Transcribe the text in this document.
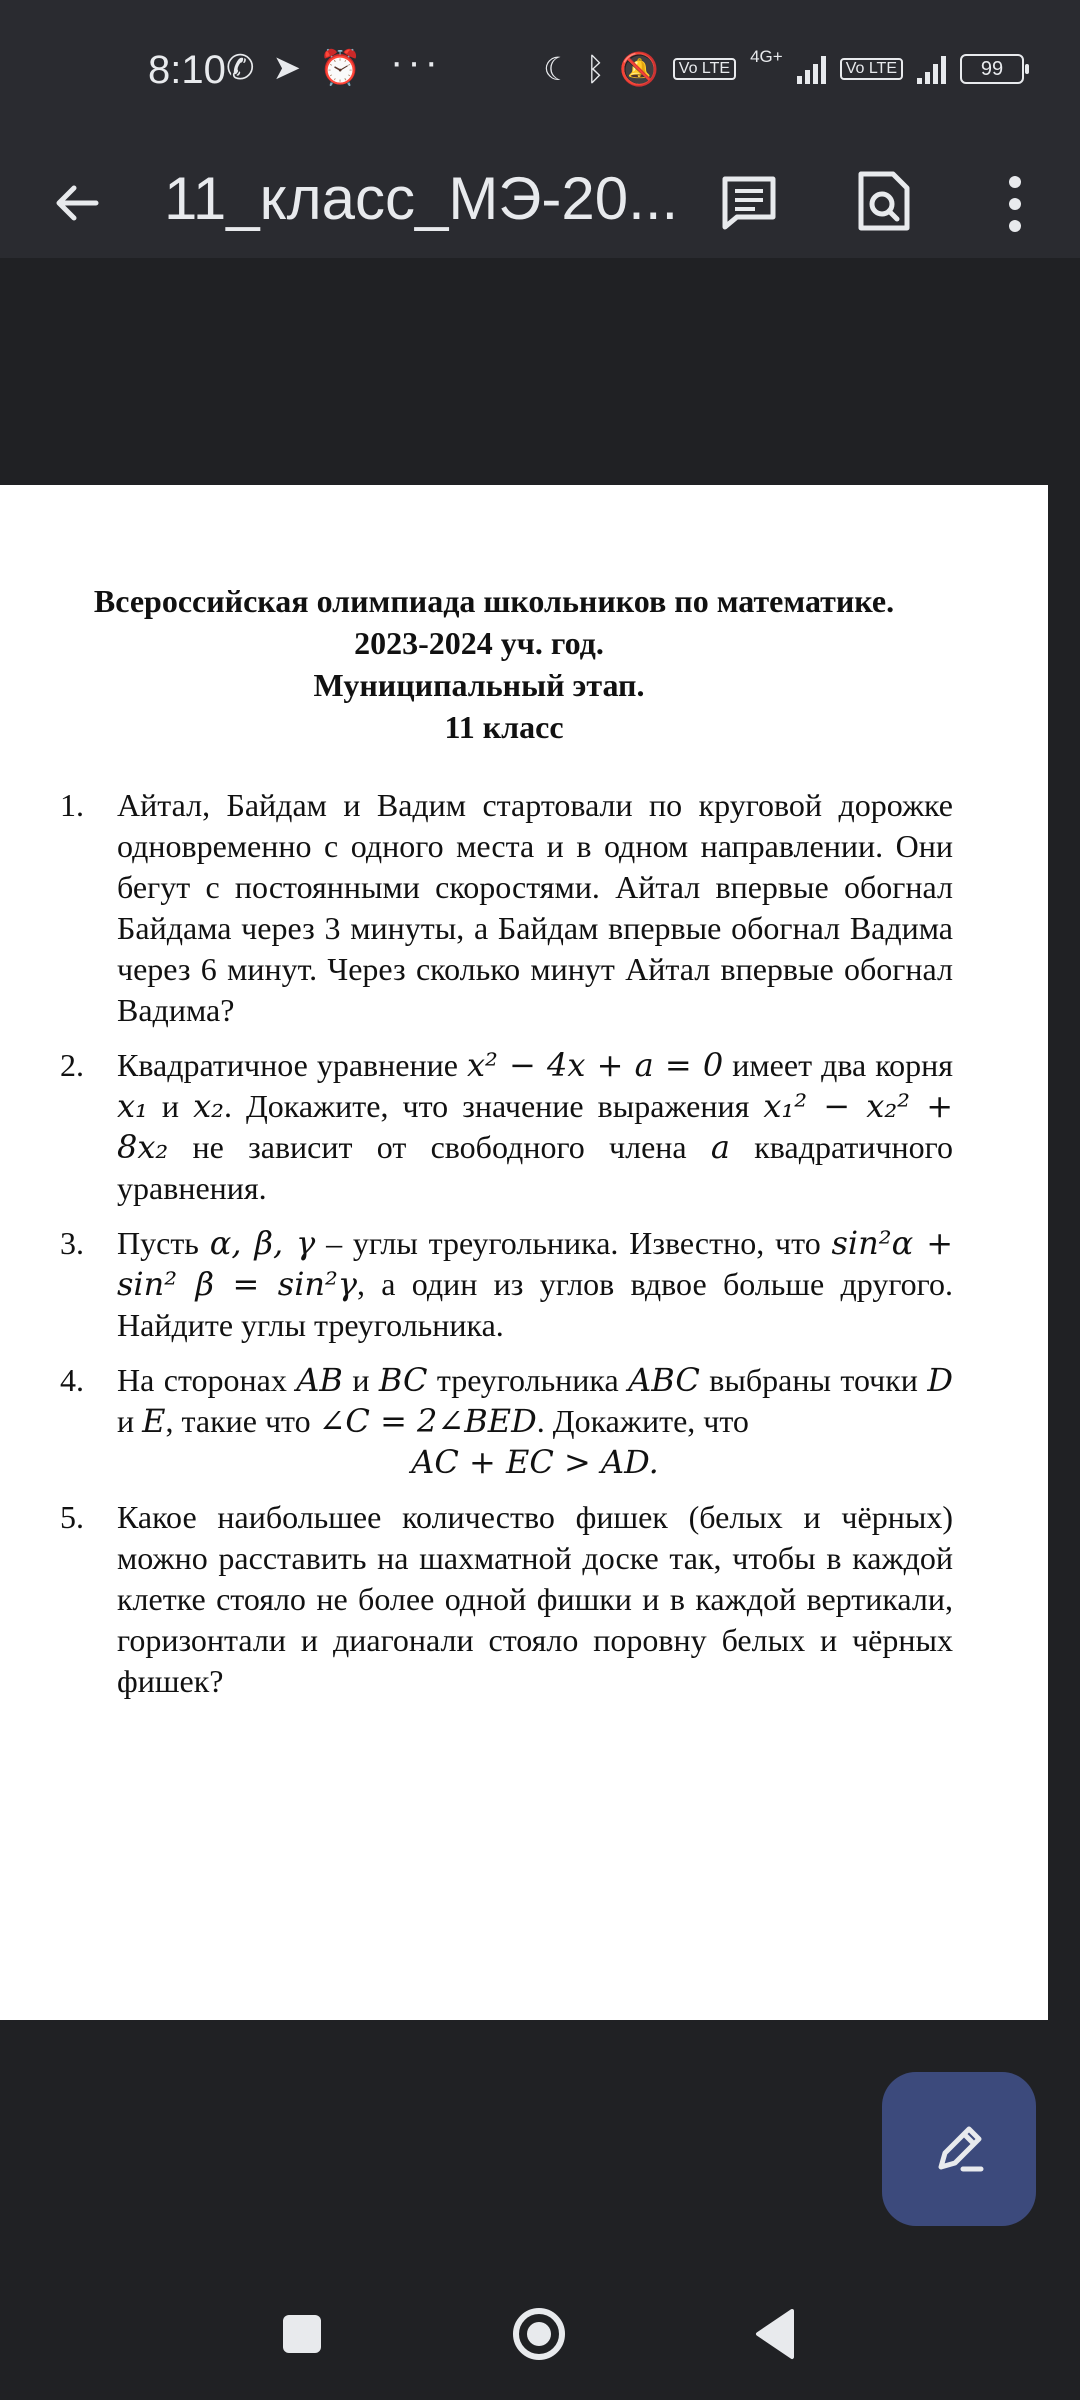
8:10 ✆ ➤ ⏰ ···	☾ ᛒ 🔕	Vo LTE
4G+
Vo LTE	99
11_класс_МЭ-20...
Всероссийская олимпиада школьников по математике.
2023-2024 уч. год.
Муниципальный этап.
11 класс
1.	Айтал, Байдам и Вадим стартовали по круговой дорожке одновременно с одного места и в одном направлении. Они бегут с постоянными скоростями. Айтал впервые обогнал Байдама через 3 минуты, а Байдам впервые обогнал Вадима через 6 минут. Через сколько минут Айтал впервые обогнал Вадима?

2.	Квадратичное уравнение x² − 4x + a = 0 имеет два корня x₁ и x₂. Докажите, что значение выражения x₁² − x₂² + 8x₂ не зависит от свободного члена a квадратичного уравнения.

3.	Пусть α, β, γ – углы треугольника. Известно, что sin²α + sin² β = sin²γ, а один из углов вдвое больше другого. Найдите углы треугольника.

4.	На сторонах AB и BC треугольника ABC выбраны точки D и E, такие что ∠C = 2∠BED. Докажите, что

AC + EC > AD.

5.	Какое наибольшее количество фишек (белых и чёрных) можно расставить на шахматной доске так, чтобы в каждой клетке стояло не более одной фишки и в каждой вертикали, горизонтали и диагонали стояло поровну белых и чёрных фишек?
